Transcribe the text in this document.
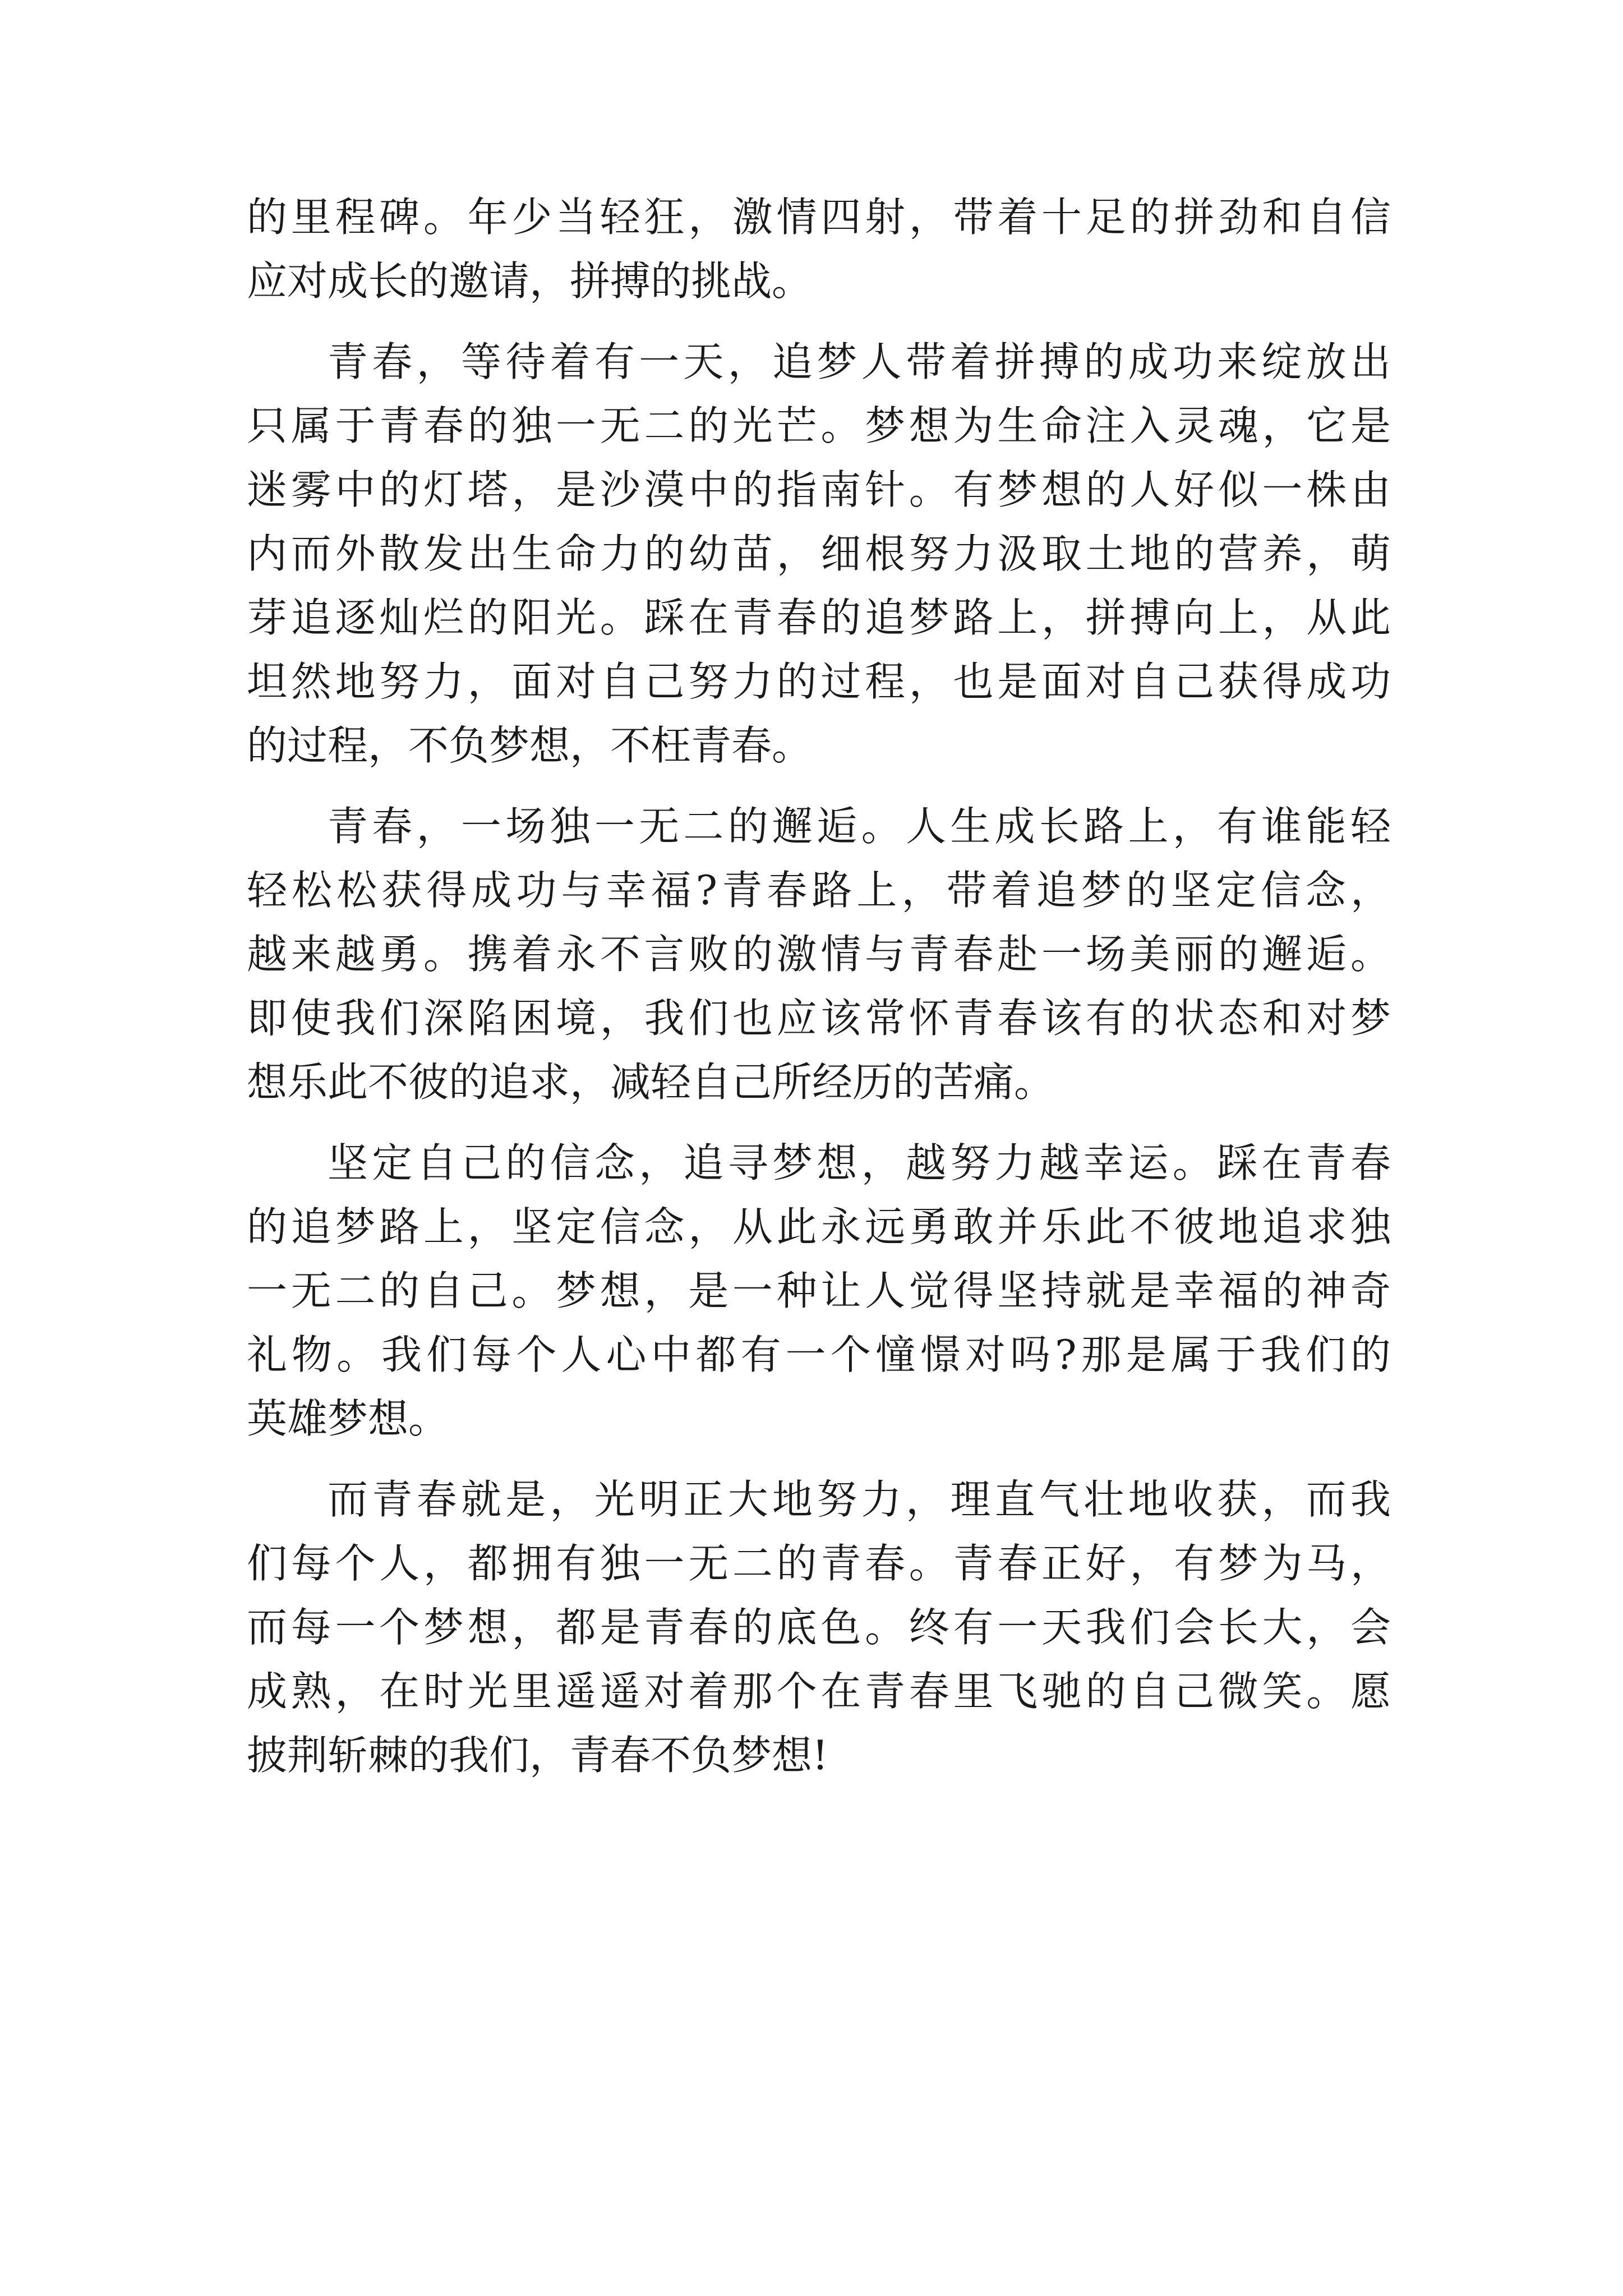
的里程碑。年少当轻狂，激情四射，带着十足的拼劲和自信
应对成长的邀请，拼搏的挑战。
青春，等待着有一天，追梦人带着拼搏的成功来绽放出
只属于青春的独一无二的光芒。梦想为生命注入灵魂，它是
迷雾中的灯塔，是沙漠中的指南针。有梦想的人好似一株由
内而外散发出生命力的幼苗，细根努力汲取土地的营养，萌
芽追逐灿烂的阳光。踩在青春的追梦路上，拼搏向上，从此
坦然地努力，面对自己努力的过程，也是面对自己获得成功
的过程，不负梦想，不枉青春。
青春，一场独一无二的邂逅。人生成长路上，有谁能轻
轻松松获得成功与幸福?青春路上，带着追梦的坚定信念，
越来越勇。携着永不言败的激情与青春赴一场美丽的邂逅。
即使我们深陷困境，我们也应该常怀青春该有的状态和对梦
想乐此不彼的追求，减轻自己所经历的苦痛。
坚定自己的信念，追寻梦想，越努力越幸运。踩在青春
的追梦路上，坚定信念，从此永远勇敢并乐此不彼地追求独
一无二的自己。梦想，是一种让人觉得坚持就是幸福的神奇
礼物。我们每个人心中都有一个憧憬对吗?那是属于我们的
英雄梦想。
而青春就是，光明正大地努力，理直气壮地收获，而我
们每个人，都拥有独一无二的青春。青春正好，有梦为马，
而每一个梦想，都是青春的底色。终有一天我们会长大，会
成熟，在时光里遥遥对着那个在青春里飞驰的自己微笑。愿
披荆斩棘的我们，青春不负梦想!
